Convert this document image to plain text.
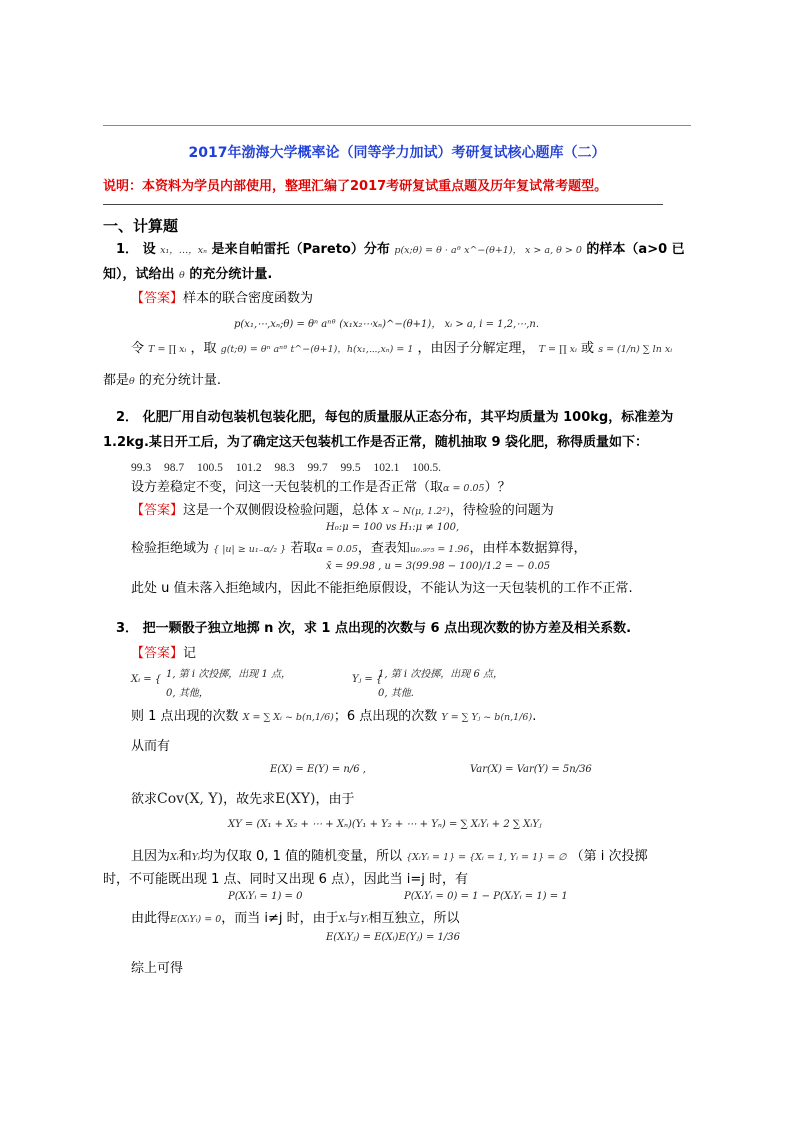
2017年渤海大学概率论（同等学力加试）考研复试核心题库（二）
说明：本资料为学员内部使用，整理汇编了2017考研复试重点题及历年复试常考题型。
一、计算题
1． 设 x₁，…，xₙ 是来自帕雷托（Pareto）分布 p(x;θ) = θ · aᶿ x^−(θ+1)， x > a, θ > 0 的样本（a>0 已
知），试给出 θ 的充分统计量.
【答案】样本的联合密度函数为
p(x₁,⋯,xₙ;θ) = θⁿ aⁿᶿ (x₁x₂⋯xₙ)^−(θ+1)， xᵢ > a, i = 1,2,⋯,n.
令 T = ∏ xᵢ ，取 g(t;θ) = θⁿ aⁿᶿ t^−(θ+1)，h(x₁,⋯,xₙ) = 1 ，由因子分解定理， T = ∏ xᵢ 或 s = (1/n) ∑ ln xᵢ
都是θ 的充分统计量.
2． 化肥厂用自动包装机包装化肥，每包的质量服从正态分布，其平均质量为 100kg，标准差为
1.2kg.某日开工后，为了确定这天包装机工作是否正常，随机抽取 9 袋化肥，称得质量如下：
99.3 98.7 100.5 101.2 98.3 99.7 99.5 102.1 100.5.
设方差稳定不变，问这一天包装机的工作是否正常（取α = 0.05）？
【答案】这是一个双侧假设检验问题，总体 X ~ N(μ, 1.2²)，待检验的问题为
H₀:μ = 100 vs H₁:μ ≠ 100,
检验拒绝域为 { |u| ≥ u₁₋α/₂ } 若取α = 0.05，查表知u₀.₉₇₅ = 1.96，由样本数据算得，
x̄ = 99.98 , u = 3(99.98 − 100)/1.2 = − 0.05
此处 u 值未落入拒绝域内，因此不能拒绝原假设，不能认为这一天包装机的工作不正常.
3． 把一颗骰子独立地掷 n 次，求 1 点出现的次数与 6 点出现次数的协方差及相关系数.
【答案】记
Xᵢ = { 1, 第 i 次投掷，出现 1 点，
0, 其他，
Yⱼ = {
1, 第 i 次投掷，出现 6 点，
0, 其他.
则 1 点出现的次数 X = ∑ Xᵢ ~ b(n,1/6)；6 点出现的次数 Y = ∑ Yⱼ ~ b(n,1/6).
从而有
E(X) = E(Y) = n/6 ,	Var(X) = Var(Y) = 5n/36
欲求Cov(X, Y)，故先求E(XY)，由于
XY = (X₁ + X₂ + ⋯ + Xₙ)(Y₁ + Y₂ + ⋯ + Yₙ) = ∑ XᵢYᵢ + 2 ∑ XᵢYⱼ
且因为Xᵢ和Yᵢ均为仅取 0, 1 值的随机变量，所以 {XᵢYᵢ = 1} = {Xᵢ = 1, Yᵢ = 1} = ∅ （第 i 次投掷
时，不可能既出现 1 点、同时又出现 6 点），因此当 i=j 时，有
P(XᵢYᵢ = 1) = 0	P(XᵢYᵢ = 0) = 1 − P(XᵢYᵢ = 1) = 1
由此得E(XᵢYᵢ) = 0，而当 i≠j 时，由于Xᵢ与Yᵢ相互独立，所以
E(XᵢYⱼ) = E(Xᵢ)E(Yⱼ) = 1/36
综上可得
